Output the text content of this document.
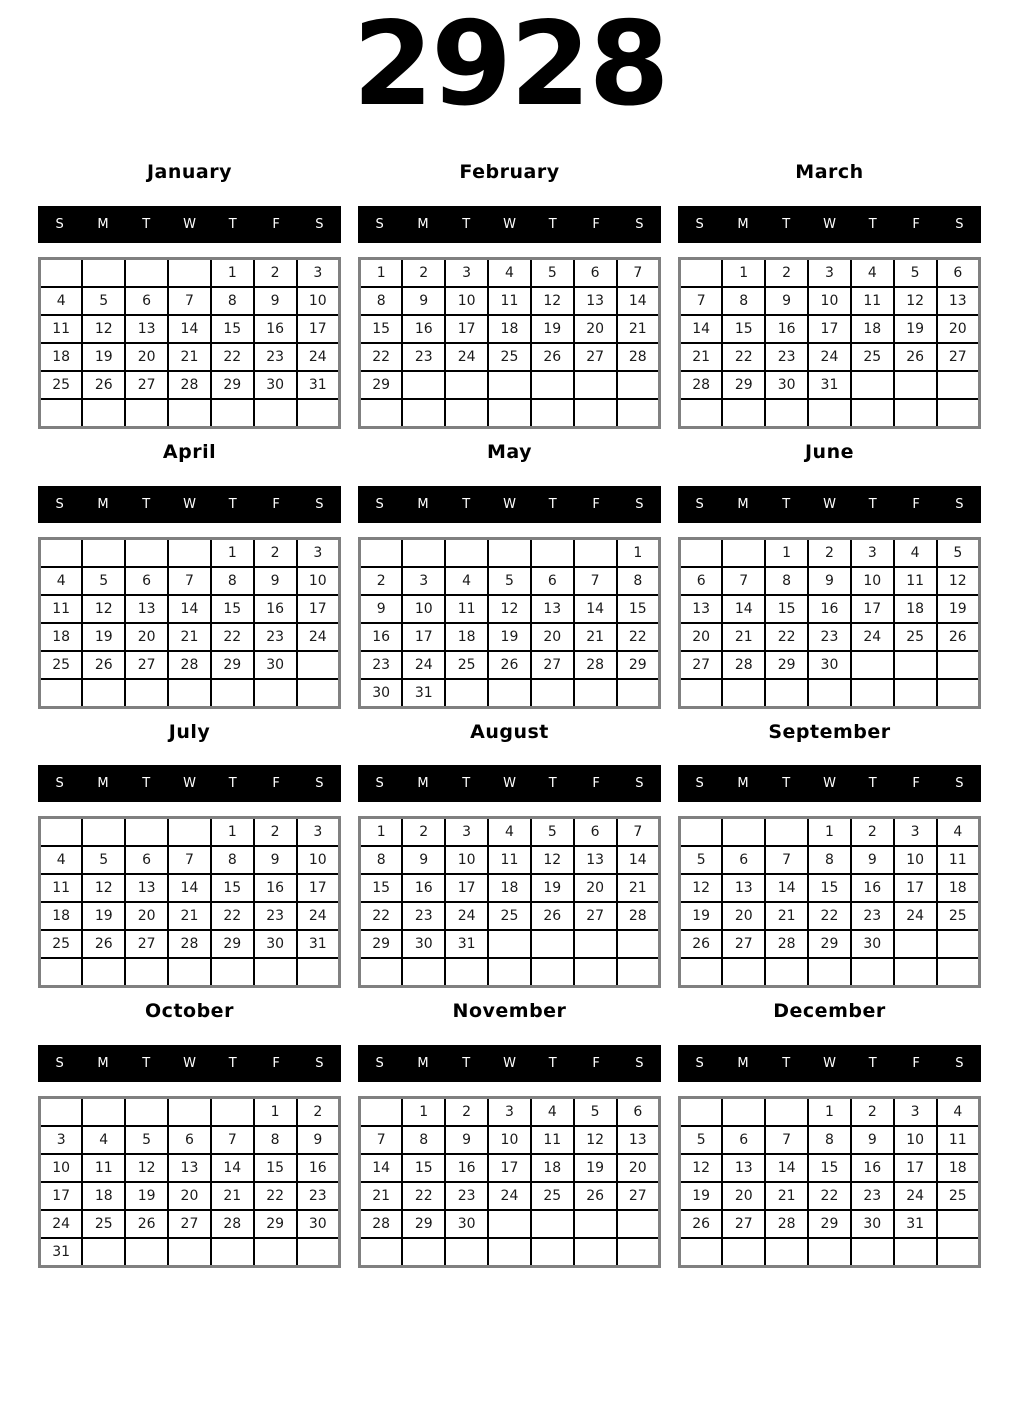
2928
January
S	M	T	W	T	F	S
				1	2	3
4	5	6	7	8	9	10
11	12	13	14	15	16	17
18	19	20	21	22	23	24
25	26	27	28	29	30	31

February
S	M	T	W	T	F	S
1	2	3	4	5	6	7
8	9	10	11	12	13	14
15	16	17	18	19	20	21
22	23	24	25	26	27	28
29						

March
S	M	T	W	T	F	S
	1	2	3	4	5	6
7	8	9	10	11	12	13
14	15	16	17	18	19	20
21	22	23	24	25	26	27
28	29	30	31			

April
S	M	T	W	T	F	S
				1	2	3
4	5	6	7	8	9	10
11	12	13	14	15	16	17
18	19	20	21	22	23	24
25	26	27	28	29	30	

May
S	M	T	W	T	F	S
						1
2	3	4	5	6	7	8
9	10	11	12	13	14	15
16	17	18	19	20	21	22
23	24	25	26	27	28	29
30	31					
June
S	M	T	W	T	F	S
		1	2	3	4	5
6	7	8	9	10	11	12
13	14	15	16	17	18	19
20	21	22	23	24	25	26
27	28	29	30			

July
S	M	T	W	T	F	S
				1	2	3
4	5	6	7	8	9	10
11	12	13	14	15	16	17
18	19	20	21	22	23	24
25	26	27	28	29	30	31

August
S	M	T	W	T	F	S
1	2	3	4	5	6	7
8	9	10	11	12	13	14
15	16	17	18	19	20	21
22	23	24	25	26	27	28
29	30	31				

September
S	M	T	W	T	F	S
			1	2	3	4
5	6	7	8	9	10	11
12	13	14	15	16	17	18
19	20	21	22	23	24	25
26	27	28	29	30		

October
S	M	T	W	T	F	S
					1	2
3	4	5	6	7	8	9
10	11	12	13	14	15	16
17	18	19	20	21	22	23
24	25	26	27	28	29	30
31						
November
S	M	T	W	T	F	S
	1	2	3	4	5	6
7	8	9	10	11	12	13
14	15	16	17	18	19	20
21	22	23	24	25	26	27
28	29	30				

December
S	M	T	W	T	F	S
			1	2	3	4
5	6	7	8	9	10	11
12	13	14	15	16	17	18
19	20	21	22	23	24	25
26	27	28	29	30	31	
